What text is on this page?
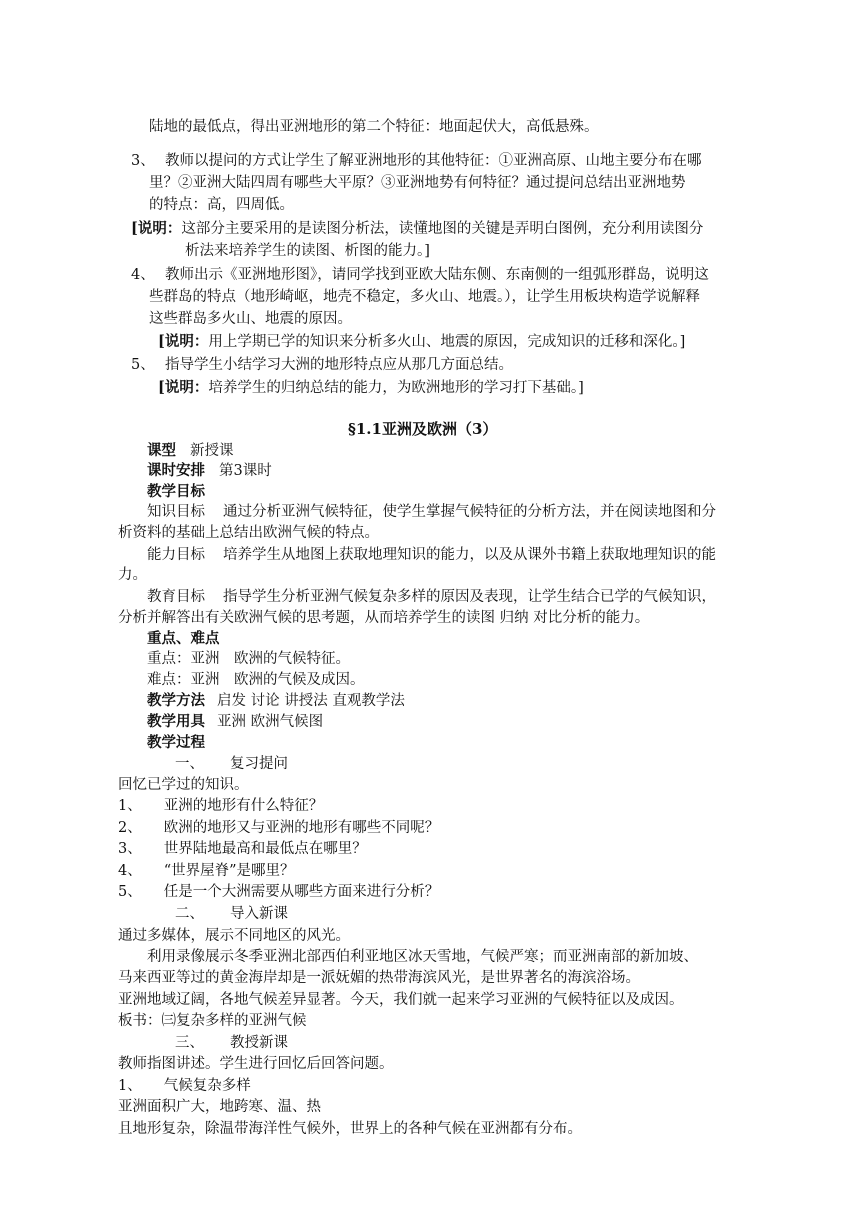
陆地的最低点，得出亚洲地形的第二个特征：地面起伏大，高低悬殊。
3、 教师以提问的方式让学生了解亚洲地形的其他特征：①亚洲高原、山地主要分布在哪
里？②亚洲大陆四周有哪些大平原？③亚洲地势有何特征？通过提问总结出亚洲地势
的特点：高，四周低。
[说明：这部分主要采用的是读图分析法，读懂地图的关键是弄明白图例，充分利用读图分
析法来培养学生的读图、析图的能力。]
4、 教师出示《亚洲地形图》，请同学找到亚欧大陆东侧、东南侧的一组弧形群岛，说明这
些群岛的特点（地形崎岖，地壳不稳定，多火山、地震。），让学生用板块构造学说解释
这些群岛多火山、地震的原因。
[说明：用上学期已学的知识来分析多火山、地震的原因，完成知识的迁移和深化。]
5、 指导学生小结学习大洲的地形特点应从那几方面总结。
[说明：培养学生的归纳总结的能力，为欧洲地形的学习打下基础。]
§1.1亚洲及欧洲（3）
课型 新授课
课时安排 第3课时
教学目标
知识目标 通过分析亚洲气候特征，使学生掌握气候特征的分析方法，并在阅读地图和分
析资料的基础上总结出欧洲气候的特点。
能力目标 培养学生从地图上获取地理知识的能力，以及从课外书籍上获取地理知识的能
力。
教育目标 指导学生分析亚洲气候复杂多样的原因及表现，让学生结合已学的气候知识，
分析并解答出有关欧洲气候的思考题，从而培养学生的读图 归纳 对比分析的能力。
重点、难点
重点：亚洲　欧洲的气候特征。
难点：亚洲　欧洲的气候及成因。
教学方法 启发 讨论 讲授法 直观教学法
教学用具 亚洲 欧洲气候图
教学过程
一、 复习提问
回忆已学过的知识。
1、 亚洲的地形有什么特征？
2、 欧洲的地形又与亚洲的地形有哪些不同呢？
3、 世界陆地最高和最低点在哪里？
4、 “世界屋脊”是哪里？
5、 任是一个大洲需要从哪些方面来进行分析？
二、 导入新课
通过多媒体，展示不同地区的风光。
利用录像展示冬季亚洲北部西伯利亚地区冰天雪地，气候严寒；而亚洲南部的新加坡、
马来西亚等过的黄金海岸却是一派妩媚的热带海滨风光，是世界著名的海滨浴场。
亚洲地域辽阔，各地气候差异显著。今天，我们就一起来学习亚洲的气候特征以及成因。
板书：㈢复杂多样的亚洲气候
三、 教授新课
教师指图讲述。学生进行回忆后回答问题。
1、 气候复杂多样
亚洲面积广大，地跨寒、温、热
且地形复杂，除温带海洋性气候外，世界上的各种气候在亚洲都有分布。
